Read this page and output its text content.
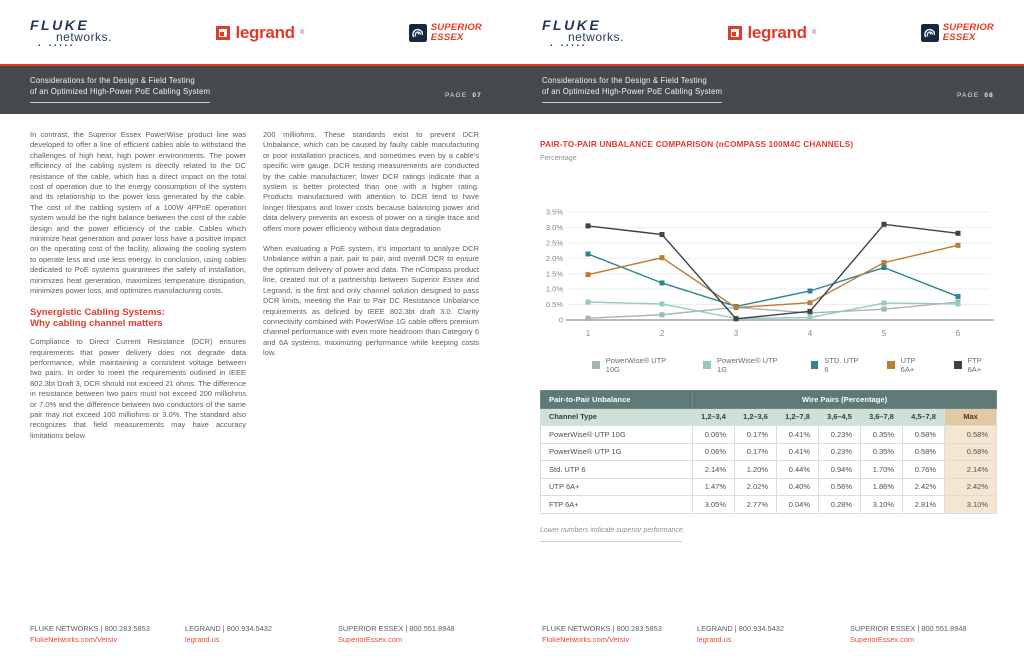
FLUKE
networks.
. .....
legrand ®	SUPERIOR
ESSEX
Considerations for the Design & Field Testing
of an Optimized High-Power PoE Cabling System	PAGE 07

In contrast, the Superior Essex PowerWise product line was developed to offer a line of efficient cables able to withstand the challenges of high heat, high power environments. The power efficiency of the cabling system is directly related to the DC resistance of the cable, which has a direct impact on the total cost of operation due to the energy consumption of the system and its relationship to the power loss generated by the cable. The cost of the cabling system of a 100W 4PPoE operation system would be the right balance between the cost of the cable design and the power efficiency of the cable. Cables which minimize heat generation and power loss have a positive impact on the operating cost of the facility, allowing the cooling system to operate less and use less energy. In conclusion, using cables dedicated to PoE systems guarantees the safety of installation, minimizes heat generation, maximizes temperature dissipation, minimizes power loss, and optimizes manufacturing costs.

Synergistic Cabling Systems:
Why cabling channel matters

Compliance to Direct Current Resistance (DCR) ensures requirements that power delivery does not degrade data performance, while maintaining a consistent voltage between two pairs. In order to meet the requirements outlined in IEEE 802.3bt Draft 3, DCR should not exceed 21 ohms. The difference in resistance between two pairs must not exceed 200 milliohms or 7.0% and the difference between two conductors of the same pair may not exceed 100 milliohms or 3.0%. The standard also recognizes that field measurements may have accuracy limitations below

200 milliohms. These standards exist to prevent DCR Unbalance, which can be caused by faulty cable manufacturing or poor installation practices, and sometimes even by a cable's specific wire gauge. DCR testing measurements are conducted by the cable manufacturer; lower DCR ratings indicate that a system is better protected than one with a higher rating. Products manufactured with attention to DCR tend to have longer lifespans and lower costs because balancing power and data delivery prevents an excess of power on a single trace and offers more power efficiency without data degradation

When evaluating a PoE system, it's important to analyze DCR Unbalance within a pair, pair to pair, and overall DCR to ensure the optimum delivery of power and data. The nCompass product line, created out of a partnership between Superior Essex and Legrand, is the first and only channel solution designed to pass DCR limits, meeting the Pair to Pair DC Resistance Unbalance requirements as defined by IEEE 802.3bt draft 3.0. Clarity connectivity combined with PowerWise 1G cable offers premium channel performance with even more headroom than Category 6 and 6A systems, maximizing performance while keeping costs low.

FLUKE NETWORKS | 800.283.5853
FlukeNetworks.com/Versiv
LEGRAND | 800.934.5432
legrand.us
SUPERIOR ESSEX | 800.551.8948
SuperiorEssex.com
FLUKE
networks.
. .....
legrand ®	SUPERIOR
ESSEX
Considerations for the Design & Field Testing
of an Optimized High-Power PoE Cabling System	PAGE 08
PAIR-TO-PAIR UNBALANCE COMPARISON (nCOMPASS 100M4C CHANNELS)
Percentage
0
0.5%
1.0%
1.5%
2.0%
2.5%
3.0%
3.5%
1	2	3	4	5	6
PowerWise® UTP 10G
PowerWise® UTP 1G
STD. UTP 6
UTP 6A+
FTP 6A+
Pair-to-Pair Unbalance	Wire Pairs (Percentage)						
Channel Type	1,2–3,4	1,2–3,6	1,2–7,8	3,6–4,5	3,6–7,8	4,5–7,8	Max
PowerWise® UTP 10G	0.06%	0.17%	0.41%	0.23%	0.35%	0.58%	0.58%
PowerWise® UTP 1G	0.06%	0.17%	0.41%	0.23%	0.35%	0.58%	0.58%
Std. UTP 6	2.14%	1.20%	0.44%	0.94%	1.70%	0.76%	2.14%
UTP 6A+	1.47%	2.02%	0.40%	0.56%	1.86%	2.42%	2.42%
FTP 6A+	3.05%	2.77%	0.04%	0.28%	3.10%	2.81%	3.10%
Lower numbers indicate superior performance.
FLUKE NETWORKS | 800.283.5853
FlukeNetworks.com/Versiv
LEGRAND | 800.934.5432
legrand.us
SUPERIOR ESSEX | 800.551.8948
SuperiorEssex.com
